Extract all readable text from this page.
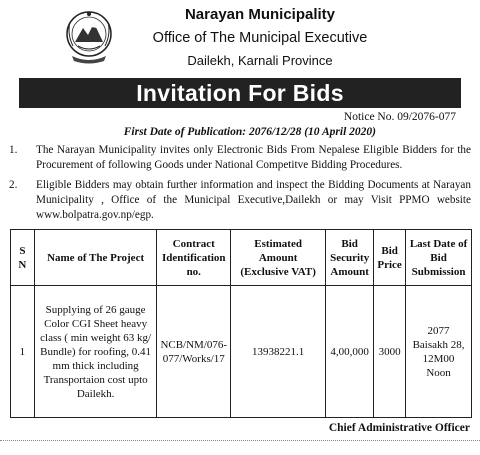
Narayan Municipality
Office of The Municipal Executive
Dailekh, Karnali Province
Invitation For Bids
Notice No. 09/2076-077
First Date of Publication: 2076/12/28 (10 April 2020)
1. The Narayan Municipality invites only Electronic Bids From Nepalese Eligible Bidders for the Procurement of following Goods under National Competitve Bidding Procedures.
2. Eligible Bidders may obtain further information and inspect the Bidding Documents at Narayan Municipality , Office of the Municipal Executive,Dailekh or may Visit PPMO website www.bolpatra.gov.np/egp.
S N	Name of The Project	Contract Identification no.	Estimated Amount (Exclusive VAT)	Bid Security Amount	Bid Price	Last Date of Bid Submission
1	Supplying of 26 gauge Color CGI Sheet heavy class ( min weight 63 kg/ Bundle) for roofing, 0.41 mm thick including Transportaion cost upto Dailekh.	NCB/NM/076-077/Works/17	13938221.1	4,00,000	3000	2077 Baisakh 28, 12M00 Noon
Chief Administrative Officer
